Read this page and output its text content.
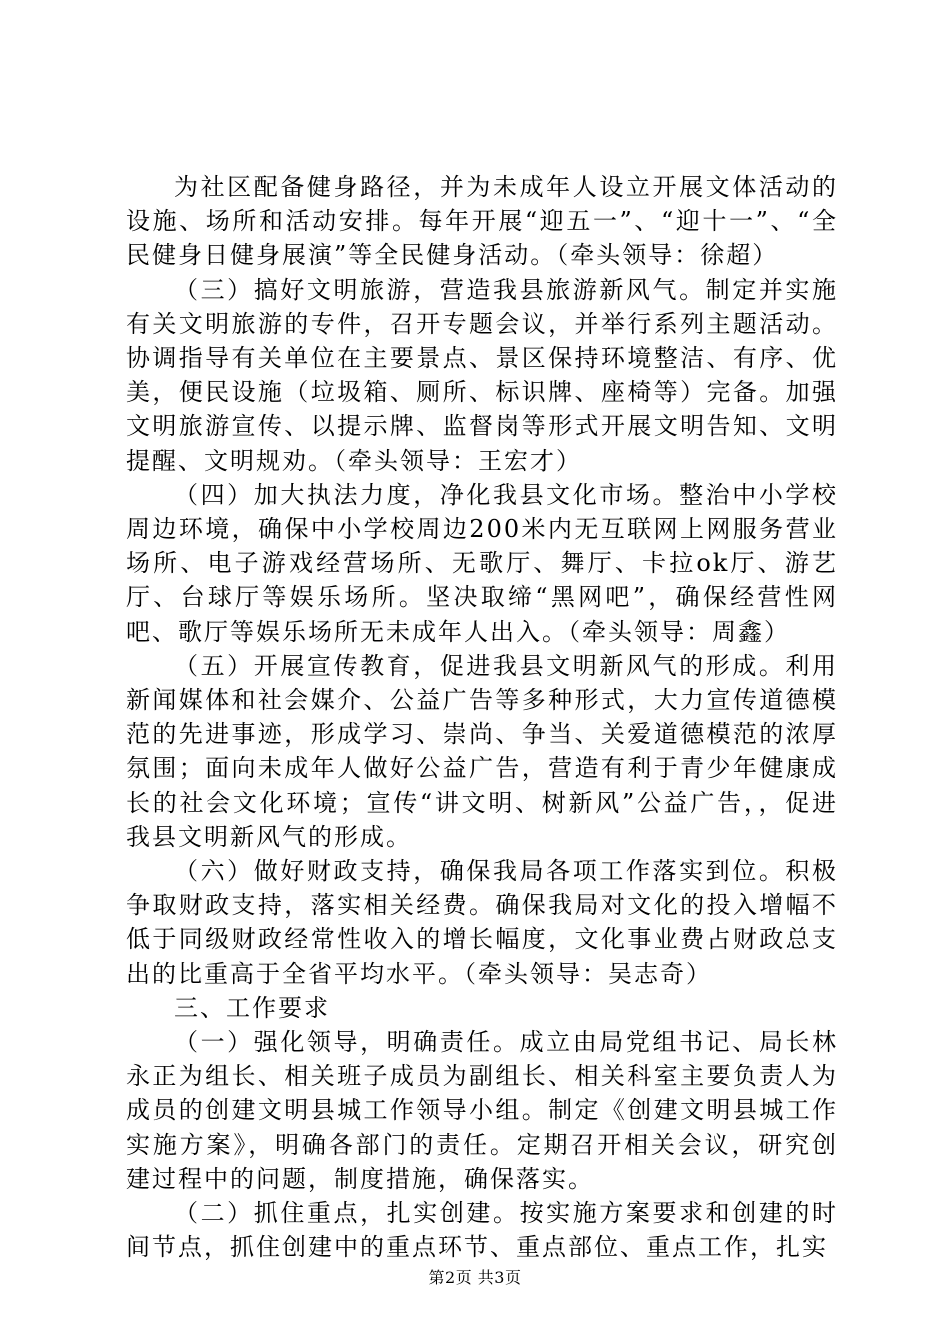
为社区配备健身路径，并为未成年人设立开展文体活动的设施、场所和活动安排。每年开展“迎五一”、“迎十一”、“全民健身日健身展演”等全民健身活动。（牵头领导：徐超）

（三）搞好文明旅游，营造我县旅游新风气。制定并实施有关文明旅游的专件，召开专题会议，并举行系列主题活动。协调指导有关单位在主要景点、景区保持环境整洁、有序、优美，便民设施（垃圾箱、厕所、标识牌、座椅等）完备。加强文明旅游宣传、以提示牌、监督岗等形式开展文明告知、文明提醒、文明规劝。（牵头领导：王宏才）

（四）加大执法力度，净化我县文化市场。整治中小学校周边环境，确保中小学校周边200米内无互联网上网服务营业场所、电子游戏经营场所、无歌厅、舞厅、卡拉ok厅、游艺厅、台球厅等娱乐场所。坚决取缔“黑网吧”，确保经营性网吧、歌厅等娱乐场所无未成年人出入。（牵头领导：周鑫）

（五）开展宣传教育，促进我县文明新风气的形成。利用新闻媒体和社会媒介、公益广告等多种形式，大力宣传道德模范的先进事迹，形成学习、崇尚、争当、关爱道德模范的浓厚氛围；面向未成年人做好公益广告，营造有利于青少年健康成长的社会文化环境；宣传“讲文明、树新风”公益广告，，促进我县文明新风气的形成。

（六）做好财政支持，确保我局各项工作落实到位。积极争取财政支持，落实相关经费。确保我局对文化的投入增幅不低于同级财政经常性收入的增长幅度，文化事业费占财政总支出的比重高于全省平均水平。（牵头领导：吴志奇）

三、工作要求

（一）强化领导，明确责任。成立由局党组书记、局长林永正为组长、相关班子成员为副组长、相关科室主要负责人为成员的创建文明县城工作领导小组。制定《创建文明县城工作实施方案》，明确各部门的责任。定期召开相关会议，研究创建过程中的问题，制度措施，确保落实。

（二）抓住重点，扎实创建。按实施方案要求和创建的时间节点，抓住创建中的重点环节、重点部位、重点工作，扎实

第2页 共3页
